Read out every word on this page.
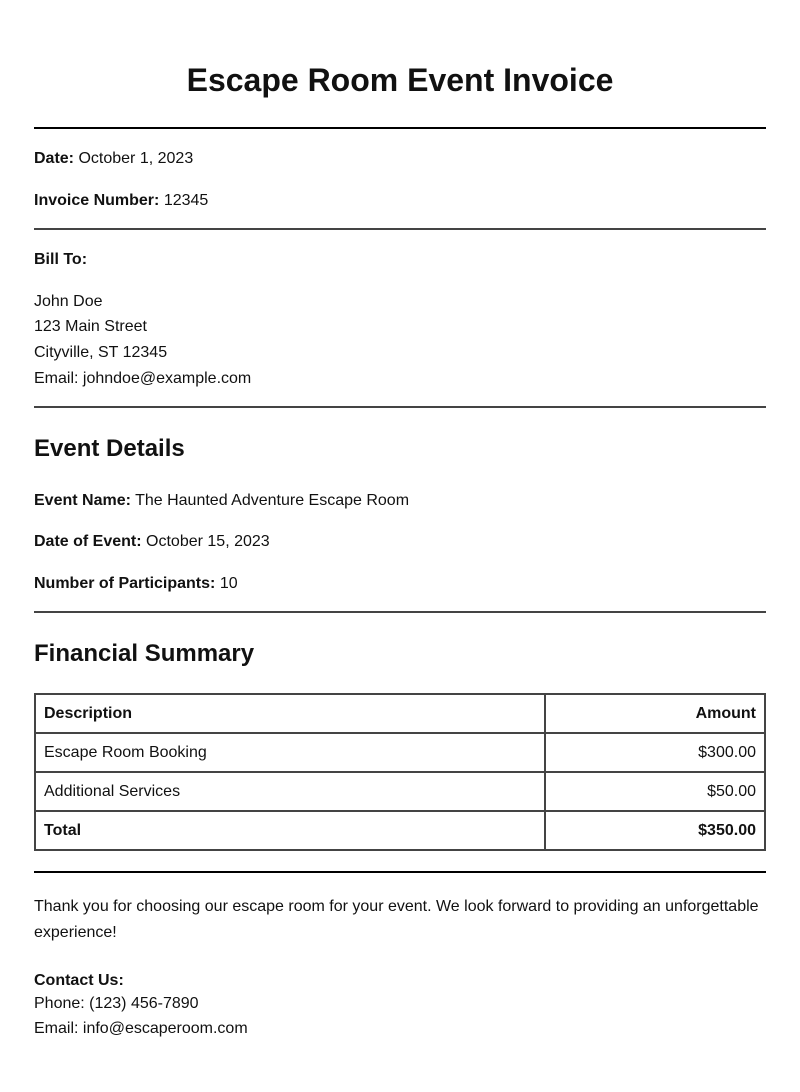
Escape Room Event Invoice
Date: October 1, 2023
Invoice Number: 12345
Bill To:
John Doe
123 Main Street
Cityville, ST 12345
Email: johndoe@example.com
Event Details
Event Name: The Haunted Adventure Escape Room
Date of Event: October 15, 2023
Number of Participants: 10
Financial Summary
Description	Amount
Escape Room Booking	$300.00
Additional Services	$50.00
Total	$350.00
Thank you for choosing our escape room for your event. We look forward to providing an unforgettable experience!
Contact Us:
Phone: (123) 456-7890
Email: info@escaperoom.com
